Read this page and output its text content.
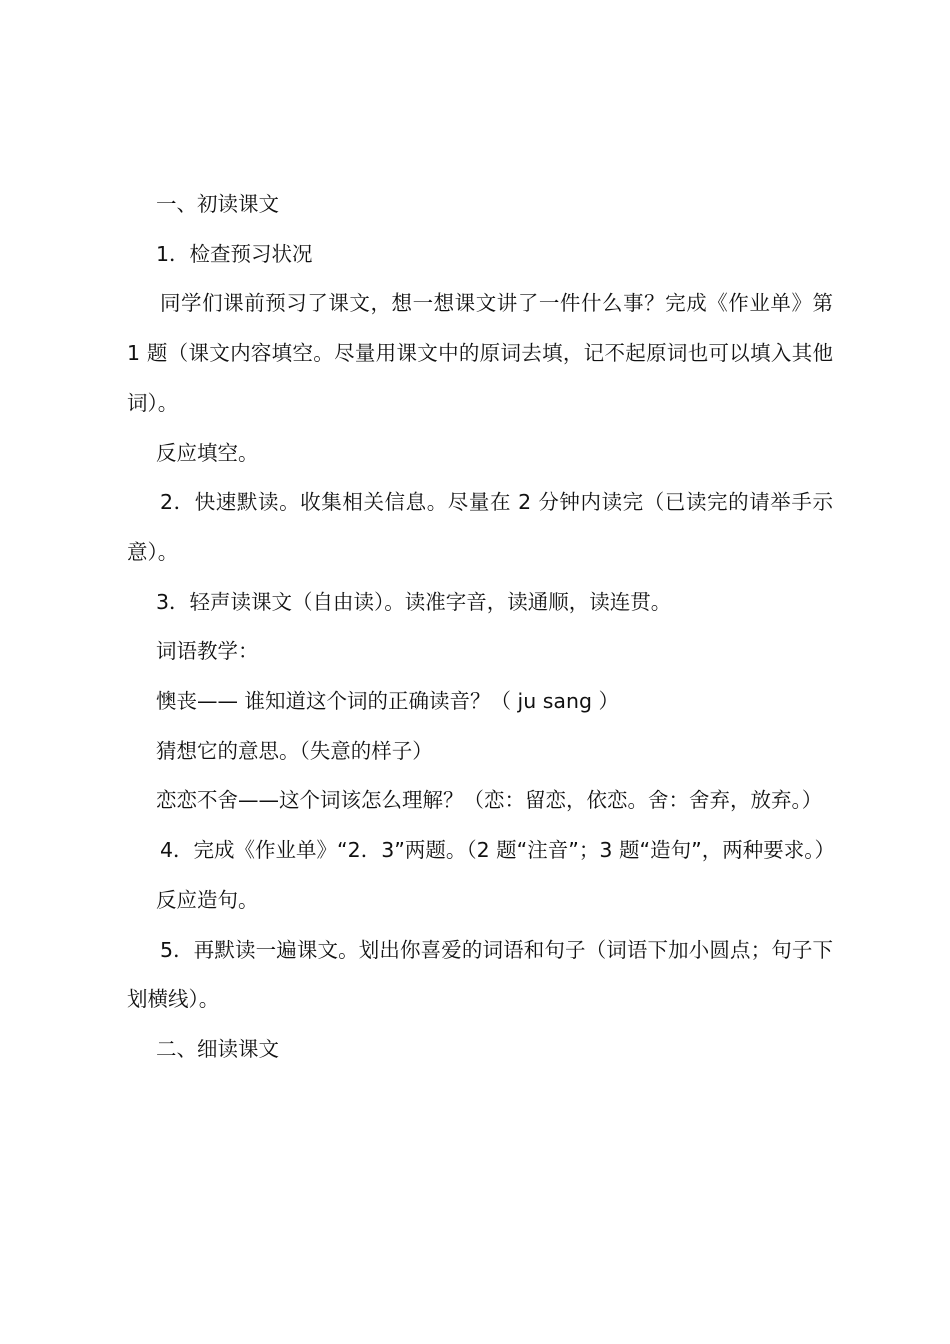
一、初读课文

1．检查预习状况

同学们课前预习了课文，想一想课文讲了一件什么事？完成《作业单》第 1 题（课文内容填空。尽量用课文中的原词去填，记不起原词也可以填入其他词）。

反应填空。

2．快速默读。收集相关信息。尽量在 2 分钟内读完（已读完的请举手示意）。

3．轻声读课文（自由读）。读准字音，读通顺，读连贯。

词语教学：

懊丧—— 谁知道这个词的正确读音？（ ju sang ）

猜想它的意思。（失意的样子）

恋恋不舍——这个词该怎么理解？（恋：留恋，依恋。舍：舍弃，放弃。）

4．完成《作业单》“2．3”两题。（2 题“注音”；3 题“造句”，两种要求。）

反应造句。

5．再默读一遍课文。划出你喜爱的词语和句子（词语下加小圆点；句子下划横线）。

二、细读课文
